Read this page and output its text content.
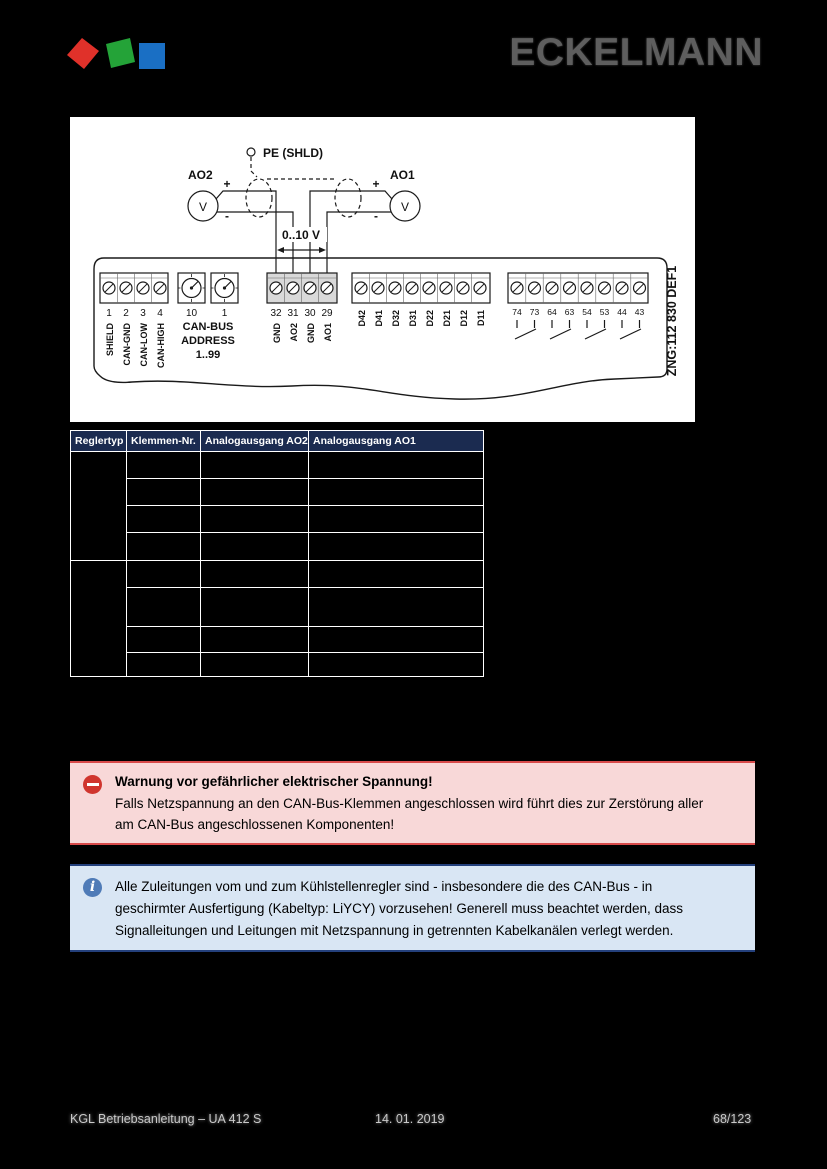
ECKELMANN
PE (SHLD)
AO2	AO1
V	V
+
-
+
-
0..10 V
1 2 3 4
SHIELD CAN-GND CAN-LOW CAN-HIGH
10 1
CAN-BUS
ADDRESS
1..99
32 31 30 29
GND AO2 GND AO1
D42 D41 D32 D31 D22 D21 D12 D11	74 73 64 63 54 53 44 43 ZNG:112 830 DEF1
Reglertyp	Klemmen-Nr.	Analogausgang AO2	Analogausgang AO1

Warnung vor gefährlicher elektrischer Spannung!
Falls Netzspannung an den CAN-Bus-Klemmen angeschlossen wird führt dies zur Zerstörung aller
am CAN-Bus angeschlossenen Komponenten!
i	Alle Zuleitungen vom und zum Kühlstellenregler sind - insbesondere die des CAN-Bus - in
geschirmter Ausfertigung (Kabeltyp: LiYCY) vorzusehen! Generell muss beachtet werden, dass
Signalleitungen und Leitungen mit Netzspannung in getrennten Kabelkanälen verlegt werden.
KGL Betriebsanleitung – UA 412 S	14. 01. 2019	68/123
